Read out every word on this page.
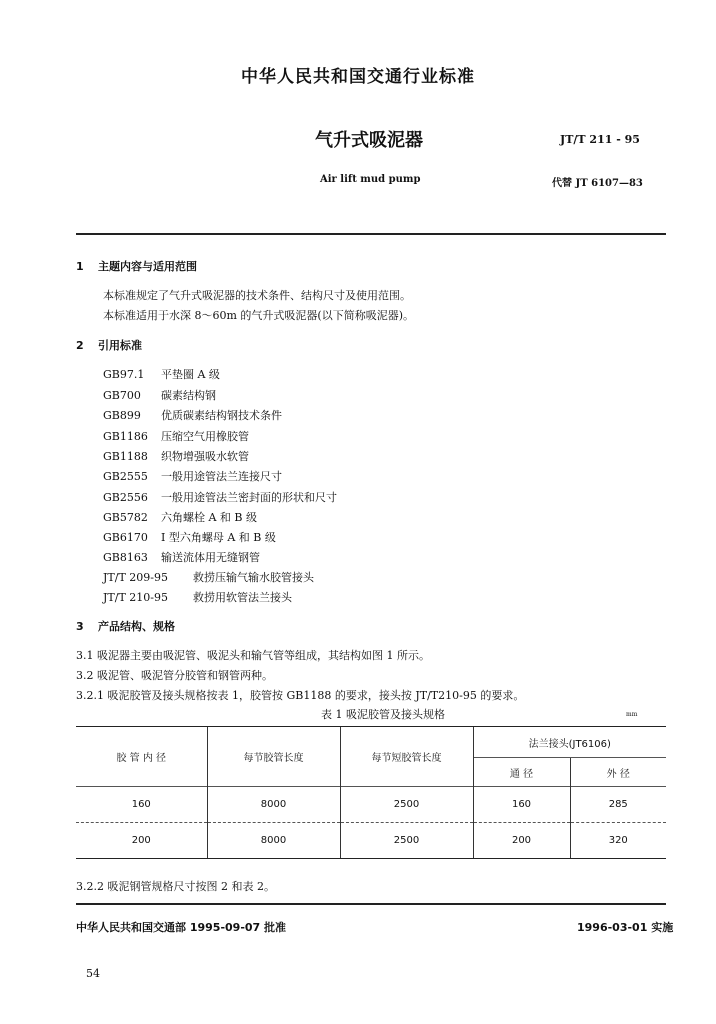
中华人民共和国交通行业标准
气升式吸泥器	JT/T 211 - 95
Air lift mud pump	代替 JT 6107—83
1 主题内容与适用范围
本标准规定了气升式吸泥器的技术条件、结构尺寸及使用范围。
本标准适用于水深 8～60m 的气升式吸泥器(以下简称吸泥器)。
2 引用标准
GB97.1 平垫圈 A 级
GB700 碳素结构钢
GB899 优质碳素结构钢技术条件
GB1186 压缩空气用橡胶管
GB1188 织物增强吸水软管
GB2555 一般用途管法兰连接尺寸
GB2556 一般用途管法兰密封面的形状和尺寸
GB5782 六角螺栓 A 和 B 级
GB6170 I 型六角螺母 A 和 B 级
GB8163 输送流体用无缝钢管
JT/T 209-95 救捞压输气输水胶管接头
JT/T 210-95 救捞用软管法兰接头
3 产品结构、规格
3.1 吸泥器主要由吸泥管、吸泥头和输气管等组成，其结构如图 1 所示。
3.2 吸泥管、吸泥管分胶管和钢管两种。
3.2.1 吸泥胶管及接头规格按表 1，胶管按 GB1188 的要求，接头按 JT/T210-95 的要求。
表 1 吸泥胶管及接头规格	mm
胶 管 内 径	每节胶管长度	每节短胶管长度	法兰接头(JT6106)	
			通 径	外 径
160	8000	2500	160	285
200	8000	2500	200	320
3.2.2 吸泥钢管规格尺寸按图 2 和表 2。
中华人民共和国交通部 1995-09-07 批准	1996-03-01 实施
54
